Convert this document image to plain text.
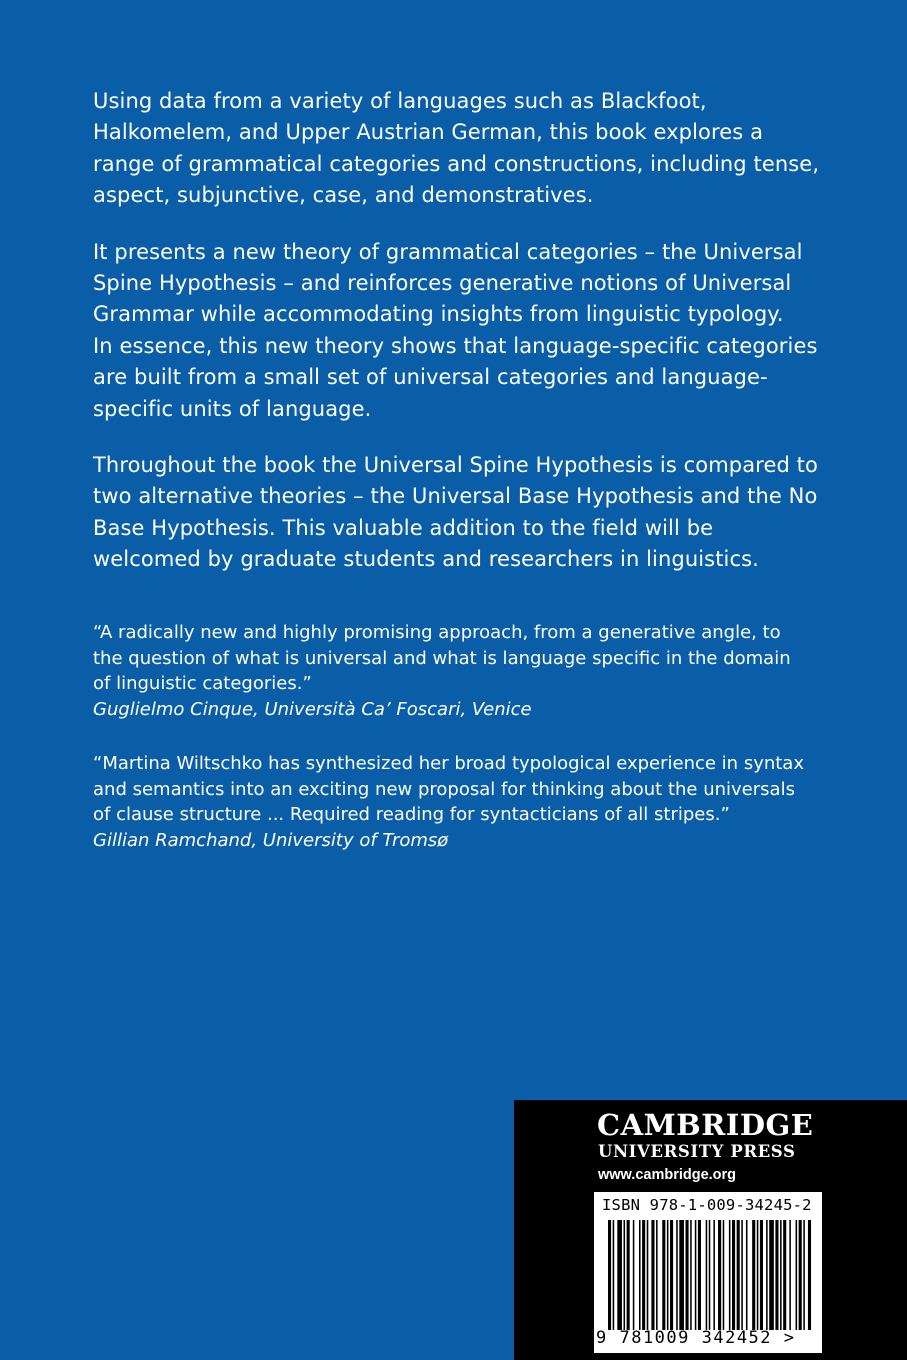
Using data from a variety of languages such as Blackfoot, Halkomelem, and Upper Austrian German, this book explores a range of grammatical categories and constructions, including tense, aspect, subjunctive, case, and demonstratives.

It presents a new theory of grammatical categories – the Universal Spine Hypothesis – and reinforces generative notions of Universal Grammar while accommodating insights from linguistic typology.

In essence, this new theory shows that language-specific categories are built from a small set of universal categories and language-specific units of language.

Throughout the book the Universal Spine Hypothesis is compared to two alternative theories – the Universal Base Hypothesis and the No Base Hypothesis. This valuable addition to the field will be welcomed by graduate students and researchers in linguistics.

“A radically new and highly promising approach, from a generative angle, to the question of what is universal and what is language specific in the domain of linguistic categories.”

Guglielmo Cinque, Università Ca’ Foscari, Venice

“Martina Wiltschko has synthesized her broad typological experience in syntax and semantics into an exciting new proposal for thinking about the universals of clause structure ... Required reading for syntacticians of all stripes.”

Gillian Ramchand, University of Tromsø

CAMBRIDGE
UNIVERSITY PRESS
www.cambridge.org
ISBN 978-1-009-34245-2
9 781009 342452 >
